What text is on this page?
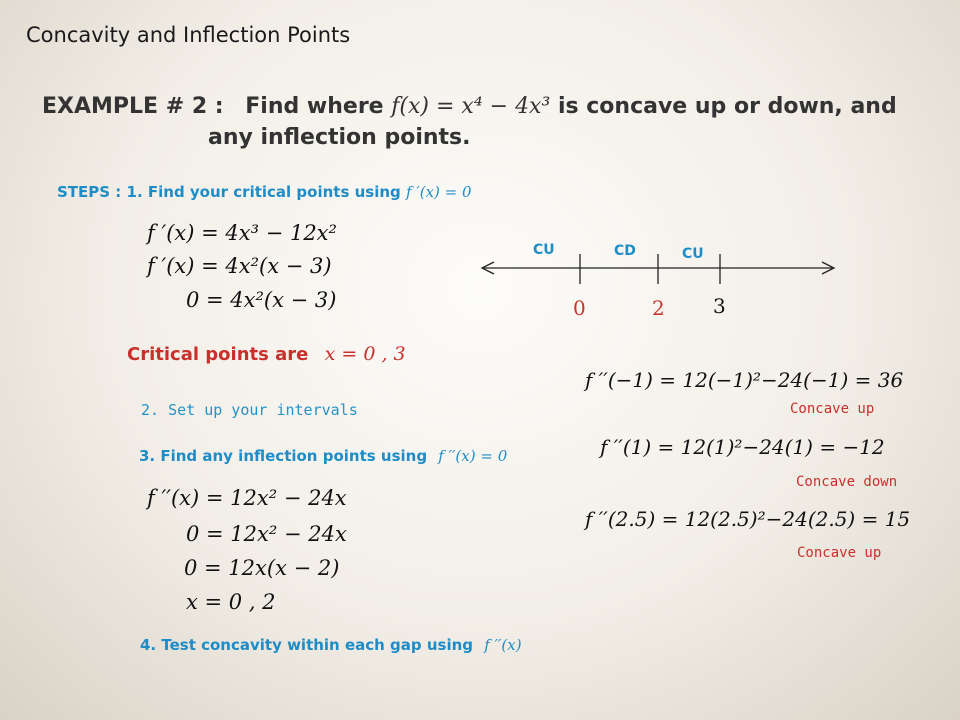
Concavity and Inflection Points
EXAMPLE # 2 : Find where f(x) = x⁴ − 4x³ is concave up or down, and
any inflection points.
STEPS : 1. Find your critical points using f ′(x) = 0
f ′(x) = 4x³ − 12x²
f ′(x) = 4x²(x − 3)
0 = 4x²(x − 3)
Critical points are x = 0 , 3
2. Set up your intervals
3. Find any inflection points using f ′′(x) = 0
f ′′(x) = 12x² − 24x
0 = 12x² − 24x
0 = 12x(x − 2)
x = 0 , 2
4. Test concavity within each gap using f ′′(x)
CU	CD	CU
0	2 3
f ′′(−1) = 12(−1)²−24(−1) = 36
Concave up
f ′′(1) = 12(1)²−24(1) = −12
Concave down
f ′′(2.5) = 12(2.5)²−24(2.5) = 15
Concave up
